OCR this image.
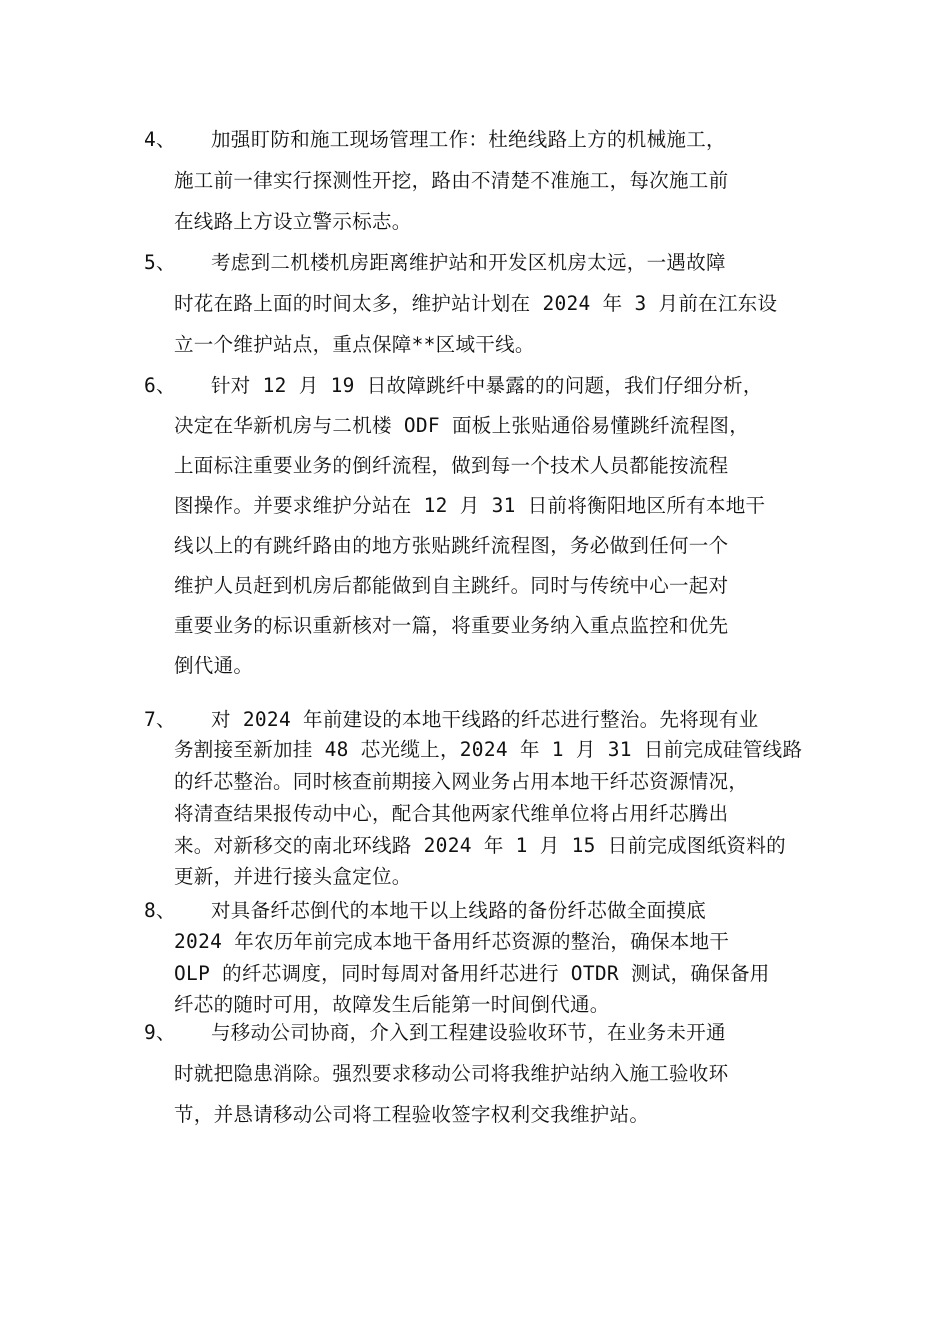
4、	加强盯防和施工现场管理工作：杜绝线路上方的机械施工，
施工前一律实行探测性开挖，路由不清楚不准施工，每次施工前
在线路上方设立警示标志。
5、	考虑到二机楼机房距离维护站和开发区机房太远，一遇故障
时花在路上面的时间太多，维护站计划在 2024 年 3 月前在江东设
立一个维护站点，重点保障**区域干线。
6、	针对 12 月 19 日故障跳纤中暴露的的问题，我们仔细分析，
决定在华新机房与二机楼 ODF 面板上张贴通俗易懂跳纤流程图，
上面标注重要业务的倒纤流程，做到每一个技术人员都能按流程
图操作。并要求维护分站在 12 月 31 日前将衡阳地区所有本地干
线以上的有跳纤路由的地方张贴跳纤流程图，务必做到任何一个
维护人员赶到机房后都能做到自主跳纤。同时与传统中心一起对
重要业务的标识重新核对一篇，将重要业务纳入重点监控和优先
倒代通。
7、	对 2024 年前建设的本地干线路的纤芯进行整治。先将现有业
务割接至新加挂 48 芯光缆上，2024 年 1 月 31 日前完成硅管线路
的纤芯整治。同时核查前期接入网业务占用本地干纤芯资源情况，
将清查结果报传动中心，配合其他两家代维单位将占用纤芯腾出
来。对新移交的南北环线路 2024 年 1 月 15 日前完成图纸资料的
更新，并进行接头盒定位。
8、	对具备纤芯倒代的本地干以上线路的备份纤芯做全面摸底
2024 年农历年前完成本地干备用纤芯资源的整治，确保本地干
OLP 的纤芯调度，同时每周对备用纤芯进行 OTDR 测试，确保备用
纤芯的随时可用，故障发生后能第一时间倒代通。
9、	与移动公司协商，介入到工程建设验收环节，在业务未开通
时就把隐患消除。强烈要求移动公司将我维护站纳入施工验收环
节，并恳请移动公司将工程验收签字权利交我维护站。
